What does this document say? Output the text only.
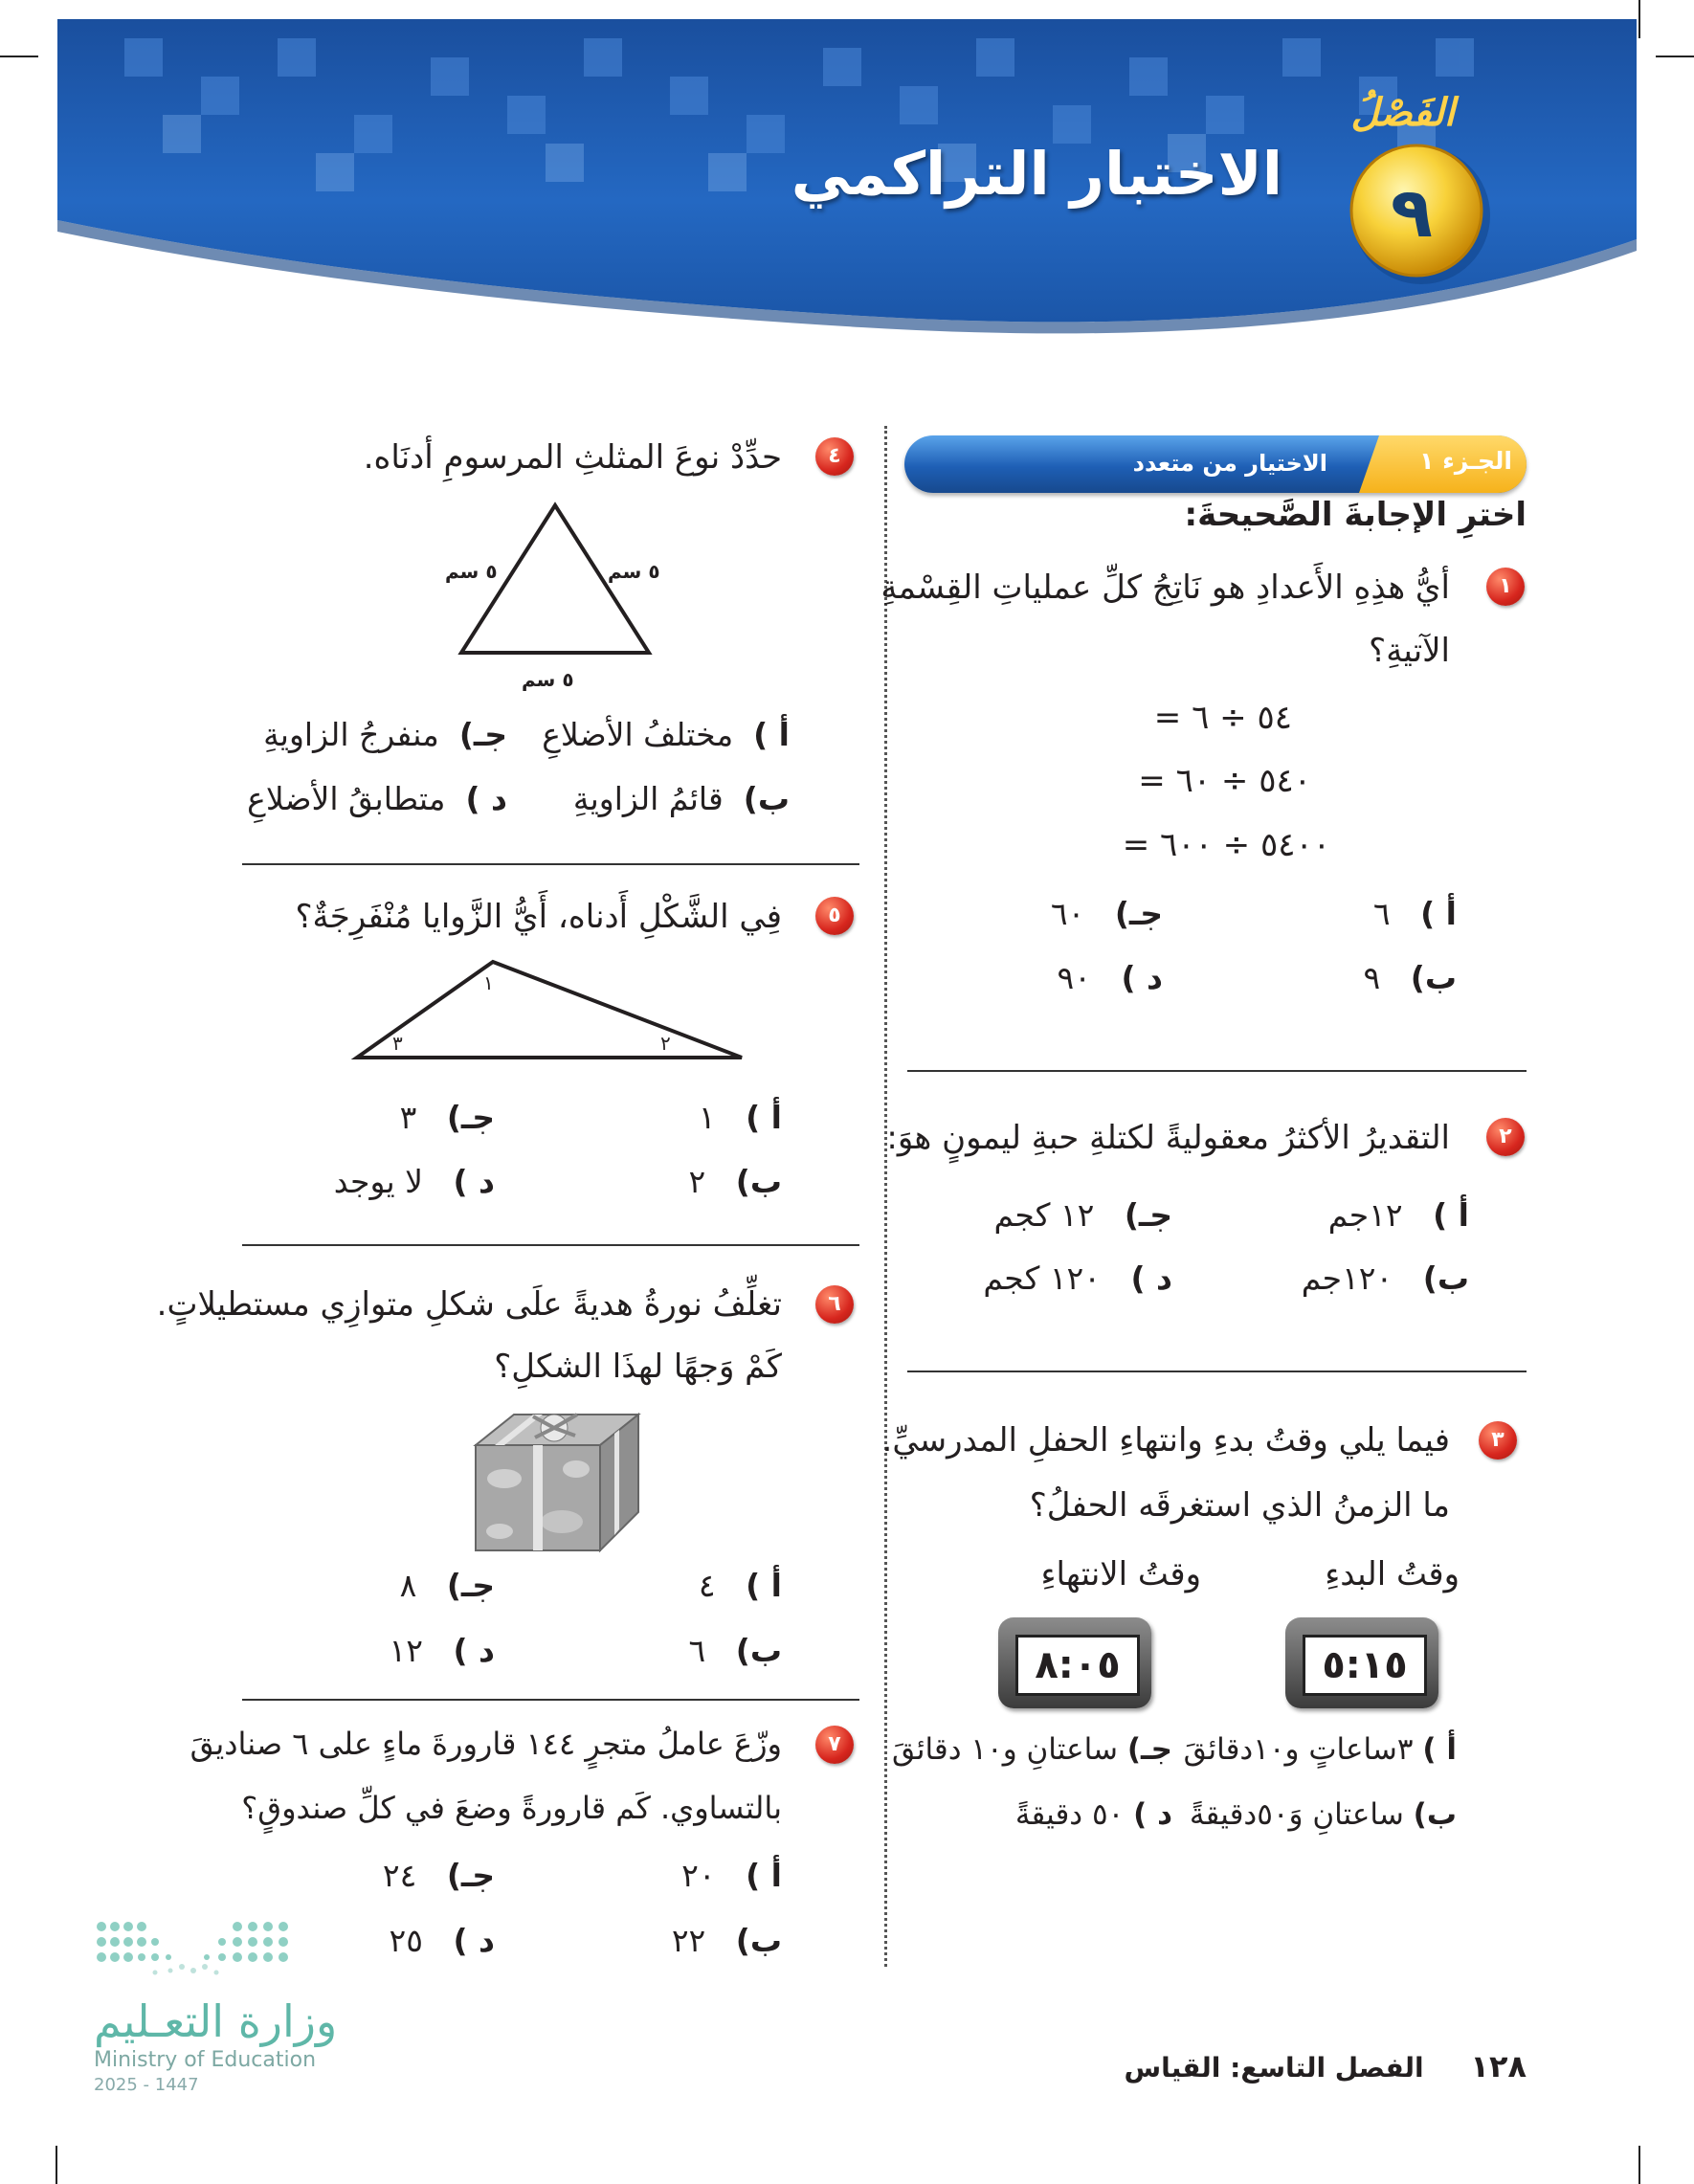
الفَصْلُ
الاختبار التراكمي	٩
الجـزء ١
الاختيار من متعدد
اخترِ الإجابةَ الصَّحيحةَ:
١
أيُّ هذِهِ الأَعدادِ هو نَاتِجُ كلِّ عملياتِ القِسْمةِ
الآتيةِ؟
٥٤ ÷ ٦ =
٥٤٠ ÷ ٦٠ =
٥٤٠٠ ÷ ٦٠٠ =
أ )   ٦
ب)   ٩
جـ)   ٦٠
د )   ٩٠
٢
التقديرُ الأكثرُ معقوليةً لكتلةِ حبةِ ليمونٍ هوَ:
أ )   ١٢جم
ب)   ١٢٠جم
جـ)   ١٢ كجم
د )   ١٢٠ كجم
٣
فيما يلي وقتُ بدءِ وانتهاءِ الحفلِ المدرسيِّ.
ما الزمنُ الذي استغرقَه الحفلُ؟
وقتُ البدءِ
وقتُ الانتهاءِ
٥:١٥
٨:٠٥
أ ) ٣ساعاتٍ و١٠دقائقَ
ب) ساعتانِ وَ٥٠دقيقةً
جـ) ساعتانِ و١٠ دقائقَ
د ) ٥٠ دقيقةً
٤
حدِّدْ نوعَ المثلثِ المرسومِ أدنَاه.
٥ سم	٥ سم
٥ سم
أ )  مختلفُ الأضلاعِ
ب)  قائمُ الزاويةِ
جـ)  منفرجُ الزاويةِ
د )  متطابقُ الأضلاعِ
٥
فِي الشَّكْلِ أَدناه، أَيُّ الزَّوايا مُنْفَرِجَةٌ؟
١
٢
٣
أ )   ١
ب)   ٢
جـ)   ٣
د )   لا يوجد
٦
تغلِّفُ نورةُ هديةً علَى شكلِ متوازِي مستطيلاتٍ.
كَمْ وَجهًا لهذَا الشكلِ؟
أ )   ٤
ب)   ٦
جـ)   ٨
د )   ١٢
٧
وزّعَ عاملُ متجرٍ ١٤٤ قارورةَ ماءٍ على ٦ صناديقَ
بالتساوي. كَم قارورةً وضعَ في كلِّ صندوقٍ؟
أ )   ٢٠
ب)   ٢٢
جـ)   ٢٤
د )   ٢٥
وزارة التعـليم
Ministry of Education
2025 - 1447
١٢٨     الفصل التاسع: القياس
